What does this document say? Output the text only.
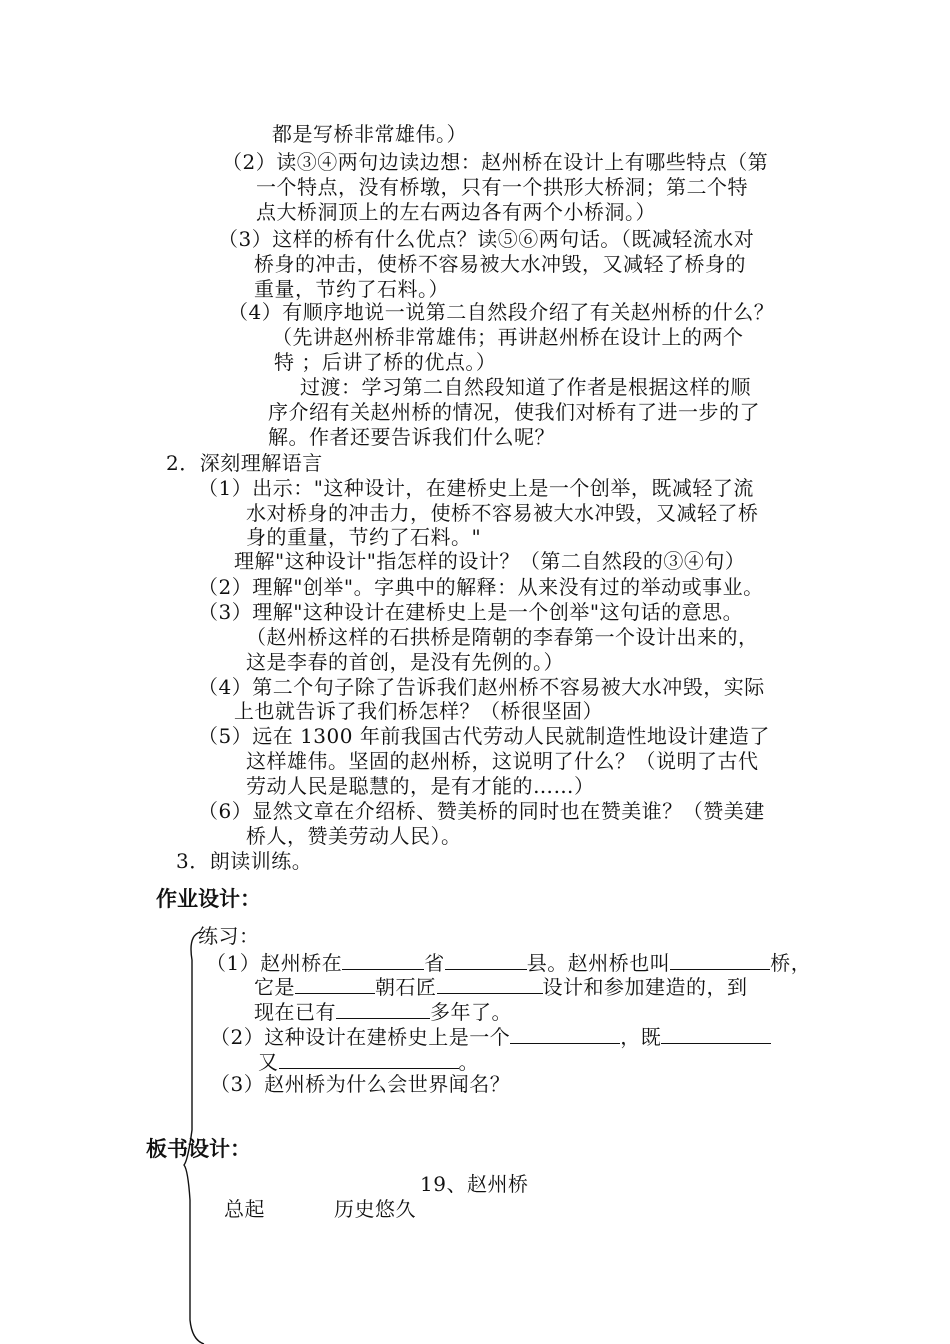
都是写桥非常雄伟。）
（2）读③④两句边读边想：赵州桥在设计上有哪些特点（第
一个特点，没有桥墩，只有一个拱形大桥洞；第二个特
点大桥洞顶上的左右两边各有两个小桥洞。）
（3）这样的桥有什么优点？读⑤⑥两句话。（既减轻流水对
桥身的冲击，使桥不容易被大水冲毁，又减轻了桥身的
重量，节约了石料。）
（4）有顺序地说一说第二自然段介绍了有关赵州桥的什么？
（先讲赵州桥非常雄伟；再讲赵州桥在设计上的两个
特 ；后讲了桥的优点。）
过渡：学习第二自然段知道了作者是根据这样的顺
序介绍有关赵州桥的情况，使我们对桥有了进一步的了
解。作者还要告诉我们什么呢？
2．深刻理解语言
（1）出示："这种设计，在建桥史上是一个创举，既减轻了流
水对桥身的冲击力，使桥不容易被大水冲毁，又减轻了桥
身的重量，节约了石料。"
理解"这种设计"指怎样的设计？（第二自然段的③④句）
（2）理解"创举"。字典中的解释：从来没有过的举动或事业。
（3）理解"这种设计在建桥史上是一个创举"这句话的意思。
（赵州桥这样的石拱桥是隋朝的李春第一个设计出来的，
这是李春的首创，是没有先例的。）
（4）第二个句子除了告诉我们赵州桥不容易被大水冲毁，实际
上也就告诉了我们桥怎样？（桥很坚固）
（5）远在 1300 年前我国古代劳动人民就制造性地设计建造了
这样雄伟。坚固的赵州桥，这说明了什么？（说明了古代
劳动人民是聪慧的，是有才能的……）
（6）显然文章在介绍桥、赞美桥的同时也在赞美谁？（赞美建
桥人，赞美劳动人民）。
3．朗读训练。
作业设计：
练习：
（1）赵州桥在	省	县。赵州桥也叫	桥，
它是	朝石匠	设计和参加建造的，到
现在已有	多年了。
（2）这种设计在建桥史上是一个	，既
又	。
（3）赵州桥为什么会世界闻名？
板书设计：
19、赵州桥
总起	历史悠久
